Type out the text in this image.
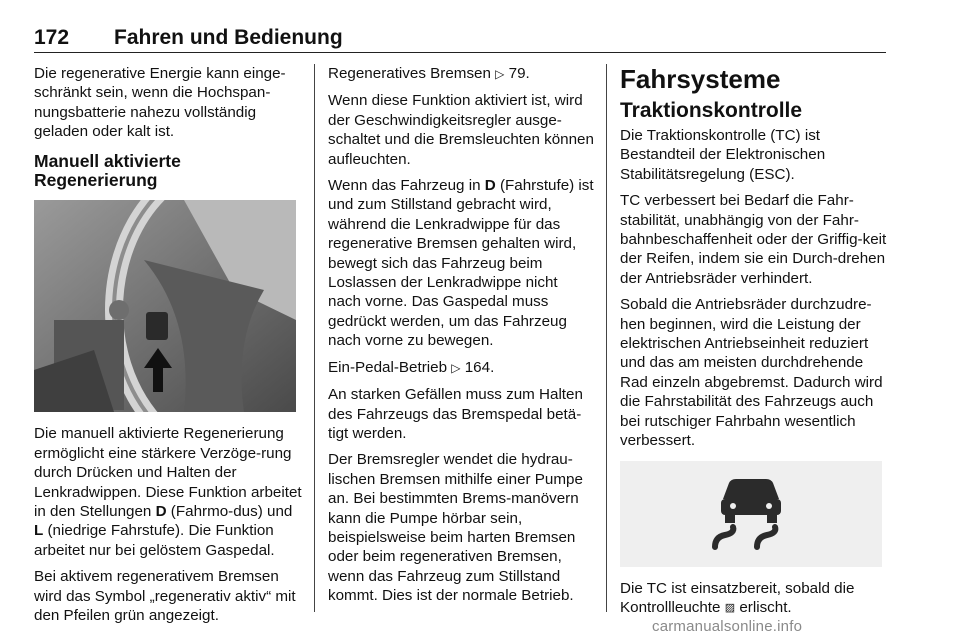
172 Fahren und Bedienung

Die regenerative Energie kann einge-schränkt sein, wenn die Hochspan-nungsbatterie nahezu vollständig geladen oder kalt ist.

Manuell aktivierte Regenerierung

Die manuell aktivierte Regenerierung ermöglicht eine stärkere Verzöge-rung durch Drücken und Halten der Lenkradwippen. Diese Funktion arbeitet in den Stellungen D (Fahrmo-dus) und L (niedrige Fahrstufe). Die Funktion arbeitet nur bei gelöstem Gaspedal.

Bei aktivem regenerativem Bremsen wird das Symbol „regenerativ aktiv“ mit den Pfeilen grün angezeigt.

Regeneratives Bremsen ▷ 79.

Wenn diese Funktion aktiviert ist, wird der Geschwindigkeitsregler ausge-schaltet und die Bremsleuchten können aufleuchten.

Wenn das Fahrzeug in D (Fahrstufe) ist und zum Stillstand gebracht wird, während die Lenkradwippe für das regenerative Bremsen gehalten wird, bewegt sich das Fahrzeug beim Loslassen der Lenkradwippe nicht nach vorne. Das Gaspedal muss gedrückt werden, um das Fahrzeug nach vorne zu bewegen.

Ein-Pedal-Betrieb ▷ 164.

An starken Gefällen muss zum Halten des Fahrzeugs das Bremspedal betä-tigt werden.

Der Bremsregler wendet die hydrau-lischen Bremsen mithilfe einer Pumpe an. Bei bestimmten Brems-manövern kann die Pumpe hörbar sein, beispielsweise beim harten Bremsen oder beim regenerativen Bremsen, wenn das Fahrzeug zum Stillstand kommt. Dies ist der normale Betrieb.

Fahrsysteme
Traktionskontrolle

Die Traktionskontrolle (TC) ist Bestandteil der Elektronischen Stabilitätsregelung (ESC).

TC verbessert bei Bedarf die Fahr-stabilität, unabhängig von der Fahr-bahnbeschaffenheit oder der Griffig-keit der Reifen, indem sie ein Durch-drehen der Antriebsräder verhindert.

Sobald die Antriebsräder durchzudre-hen beginnen, wird die Leistung der elektrischen Antriebseinheit reduziert und das am meisten durchdrehende Rad einzeln abgebremst. Dadurch wird die Fahrstabilität des Fahrzeugs auch bei rutschiger Fahrbahn wesentlich verbessert.

Die TC ist einsatzbereit, sobald die Kontrollleuchte ▨ erlischt.

carmanualsonline.info
